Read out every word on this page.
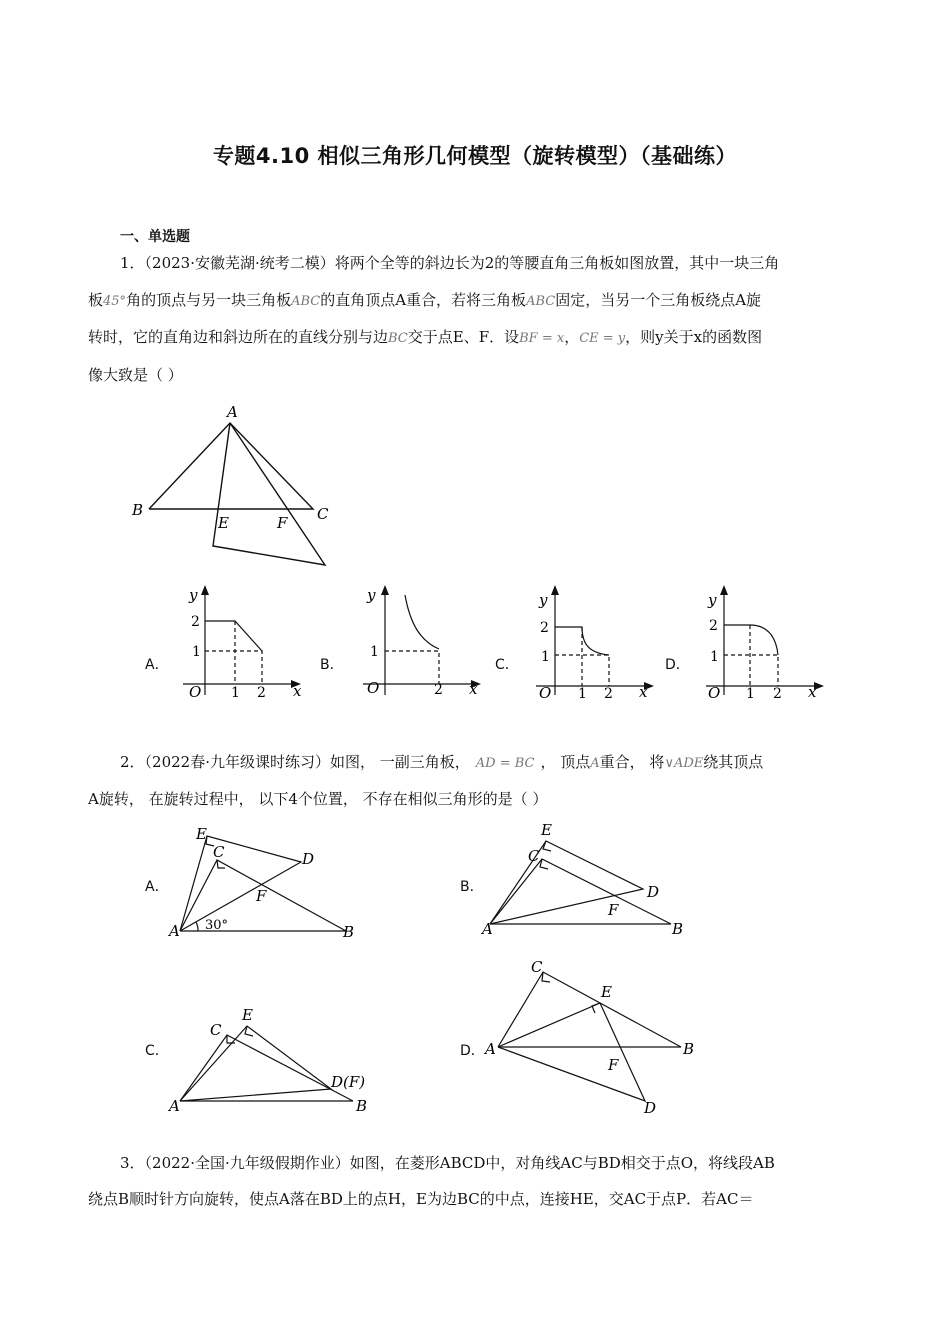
专题4.10 相似三角形几何模型（旋转模型）（基础练）
一、单选题
1．（2023·安徽芜湖·统考二模）将两个全等的斜边长为2的等腰直角三角板如图放置，其中一块三角
板45°角的顶点与另一块三角板ABC的直角顶点A重合，若将三角板ABC固定，当另一个三角板绕点A旋
转时，它的直角边和斜边所在的直线分别与边BC交于点E、F．设BF = x，CE = y，则y关于x的函数图
像大致是（ ）
A
B	C
E	F
A．	B．	C．	D．
y
x
O
2
1
1 2
y
x
O
1
2
y
x
O
2
1
1 2
y
x
O
2
1
1 2
2．（2022春·九年级课时练习）如图， 一副三角板， AD = BC ， 顶点A重合， 将∨ADE绕其顶点
A旋转， 在旋转过程中， 以下4个位置， 不存在相似三角形的是（ ）
A．	B．
C．	D．
A	B
C	D
E
F
30°	A	B
C
D
E
F
A	B
C
E
D(F)
A	B
C
D
E
F
3．（2022·全国·九年级假期作业）如图，在菱形ABCD中，对角线AC与BD相交于点O，将线段AB
绕点B顺时针方向旋转，使点A落在BD上的点H，E为边BC的中点，连接HE，交AC于点P．若AC＝
